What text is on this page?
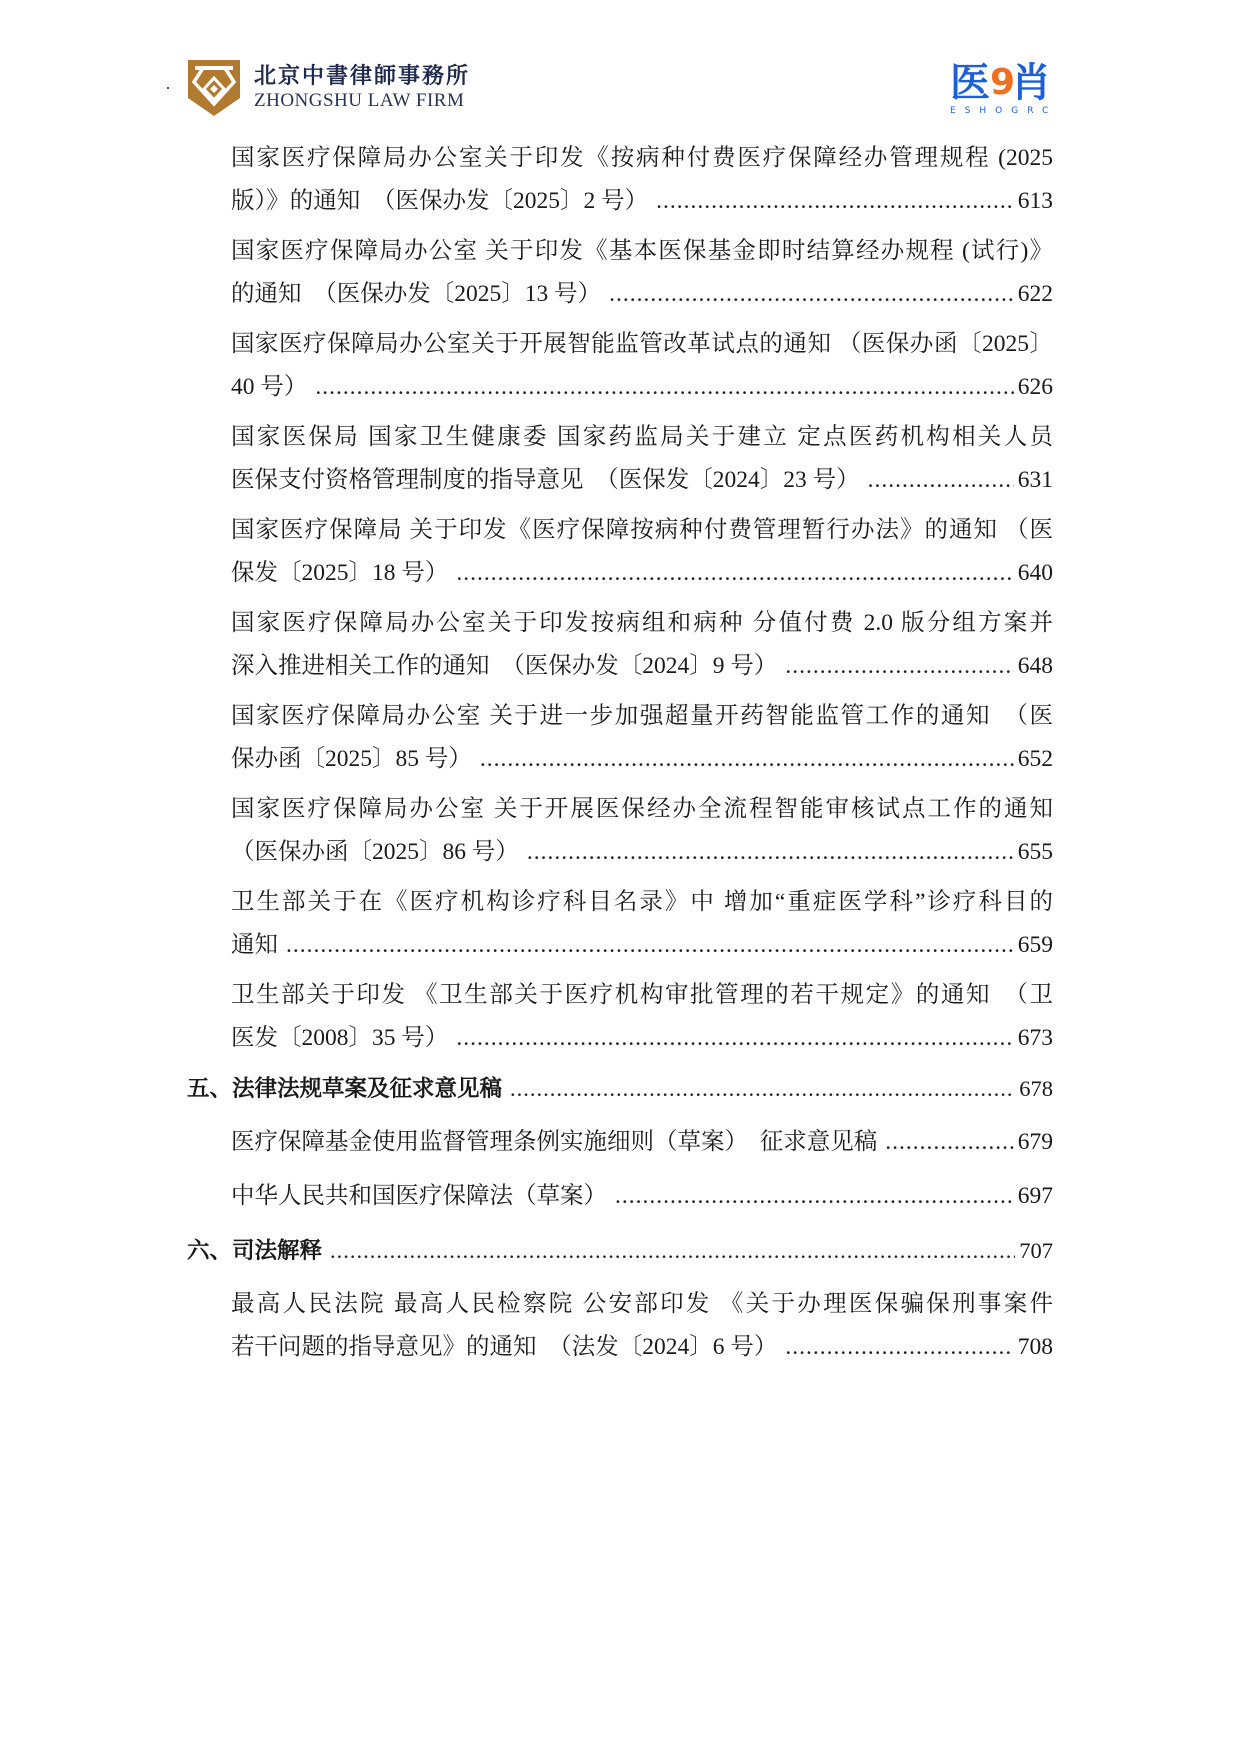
北京中書律師事務所
ZHONGSHU LAW FIRM	医 9
肖
ESHOGRC
国家医疗保障局办公室关于印发《按病种付费医疗保障经办管理规程 (2025
版）》的通知　（医保办发〔2025〕2 号） .....	613
国家医疗保障局办公室 关于印发《基本医保基金即时结算经办规程 (试行)》
的通知　（医保办发〔2025〕13 号） .....	622
国家医疗保障局办公室关于开展智能监管改革试点的通知 （医保办函〔2025〕
40 号） .....	626
国家医保局 国家卫生健康委 国家药监局关于建立 定点医药机构相关人员
医保支付资格管理制度的指导意见　（医保发〔2024〕23 号） .....	631
国家医疗保障局 关于印发《医疗保障按病种付费管理暂行办法》的通知 （医
保发〔2025〕18 号） .....	640
国家医疗保障局办公室关于印发按病组和病种 分值付费 2.0 版分组方案并
深入推进相关工作的通知　（医保办发〔2024〕9 号） .....	648
国家医疗保障局办公室 关于进一步加强超量开药智能监管工作的通知　（医
保办函〔2025〕85 号） .....	652
国家医疗保障局办公室 关于开展医保经办全流程智能审核试点工作的通知
（医保办函〔2025〕86 号） .....	655
卫生部关于在《医疗机构诊疗科目名录》中 增加“重症医学科”诊疗科目的
通知 .....	659
卫生部关于印发 《卫生部关于医疗机构审批管理的若干规定》的通知　（卫
医发〔2008〕35 号） .....	673
五、法律法规草案及征求意见稿 .....	678
医疗保障基金使用监督管理条例实施细则（草案）　征求意见稿 .....	679
中华人民共和国医疗保障法（草案） .....	697
六、司法解释 .....	707
最高人民法院 最高人民检察院 公安部印发 《关于办理医保骗保刑事案件
若干问题的指导意见》的通知　（法发〔2024〕6 号） .....	708
